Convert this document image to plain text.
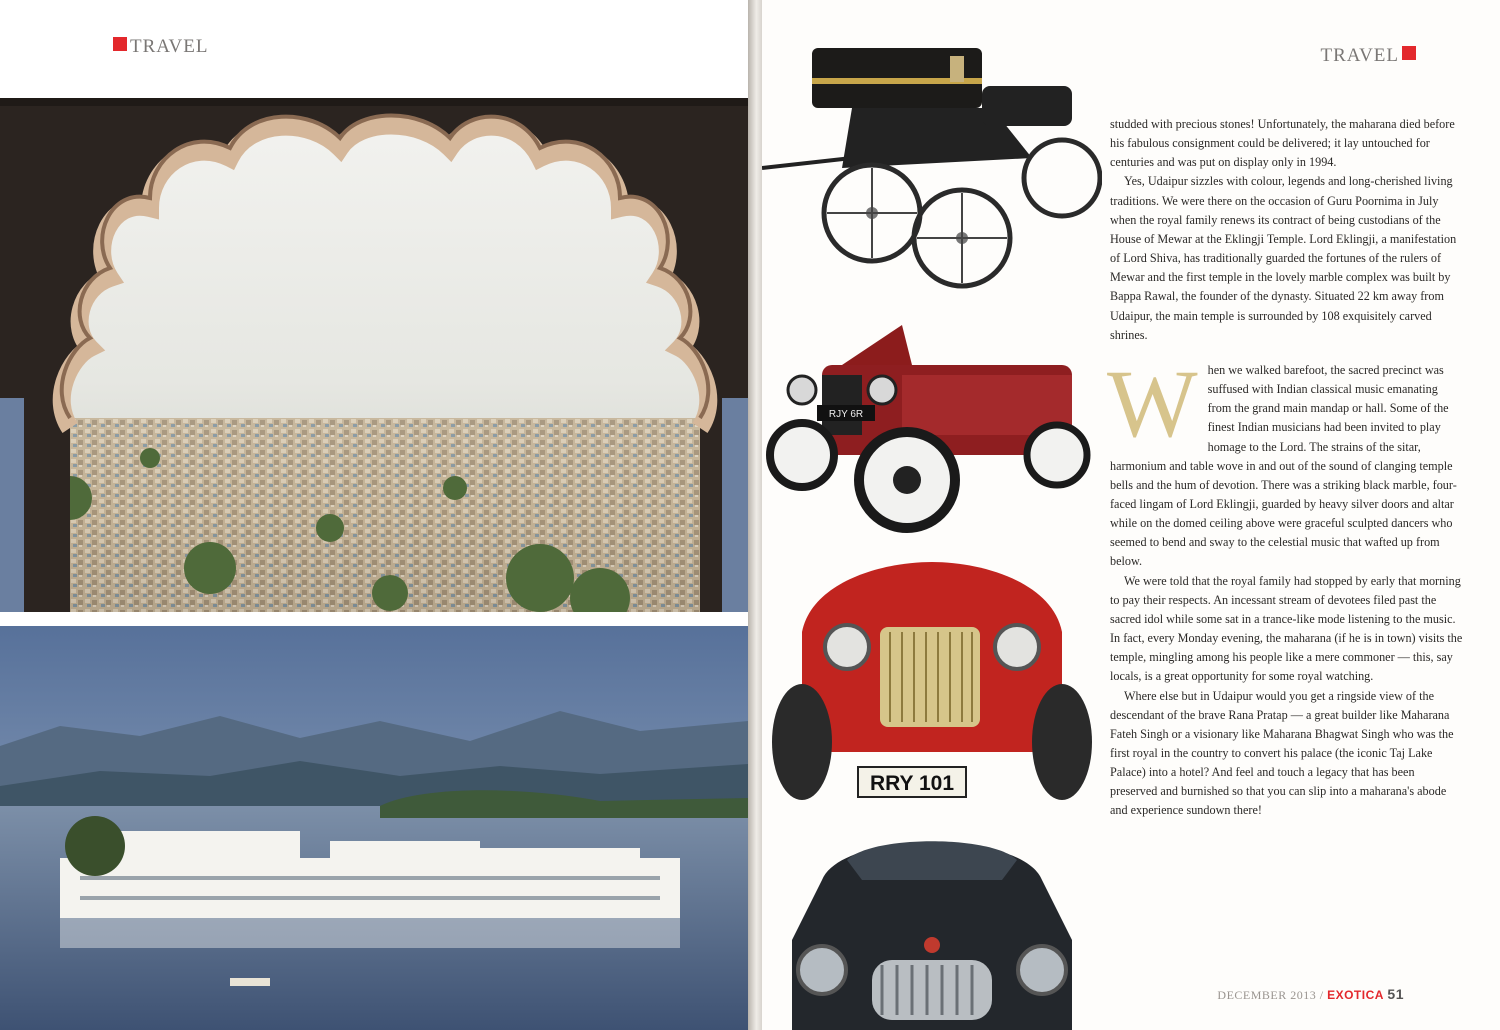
TRAVEL	TRAVEL
RJY 6R
RRY 101

studded with precious stones! Unfortunately, the maharana died before his fabulous consignment could be delivered; it lay untouched for centuries and was put on display only in 1994.

Yes, Udaipur sizzles with colour, legends and long-cherished living traditions. We were there on the occasion of Guru Poornima in July when the royal family renews its contract of being custodians of the House of Mewar at the Eklingji Temple. Lord Eklingji, a manifestation of Lord Shiva, has traditionally guarded the fortunes of the rulers of Mewar and the first temple in the lovely marble complex was built by Bappa Rawal, the founder of the dynasty. Situated 22 km away from Udaipur, the main temple is surrounded by 108 exquisitely carved shrines.

When we walked barefoot, the sacred precinct was suffused with Indian classical music emanating from the grand main mandap or hall. Some of the finest Indian musicians had been invited to play homage to the Lord. The strains of the sitar, harmonium and table wove in and out of the sound of clanging temple bells and the hum of devotion. There was a striking black marble, four-faced lingam of Lord Eklingji, guarded by heavy silver doors and altar while on the domed ceiling above were graceful sculpted dancers who seemed to bend and sway to the celestial music that wafted up from below.

We were told that the royal family had stopped by early that morning to pay their respects. An incessant stream of devotees filed past the sacred idol while some sat in a trance-like mode listening to the music. In fact, every Monday evening, the maharana (if he is in town) visits the temple, mingling among his people like a mere commoner — this, say locals, is a great opportunity for some royal watching.

Where else but in Udaipur would you get a ringside view of the descendant of the brave Rana Pratap — a great builder like Maharana Fateh Singh or a visionary like Maharana Bhagwat Singh who was the first royal in the country to convert his palace (the iconic Taj Lake Palace) into a hotel? And feel and touch a legacy that has been preserved and burnished so that you can slip into a maharana's abode and experience sundown there!

DECEMBER 2013 / EXOTICA 51
